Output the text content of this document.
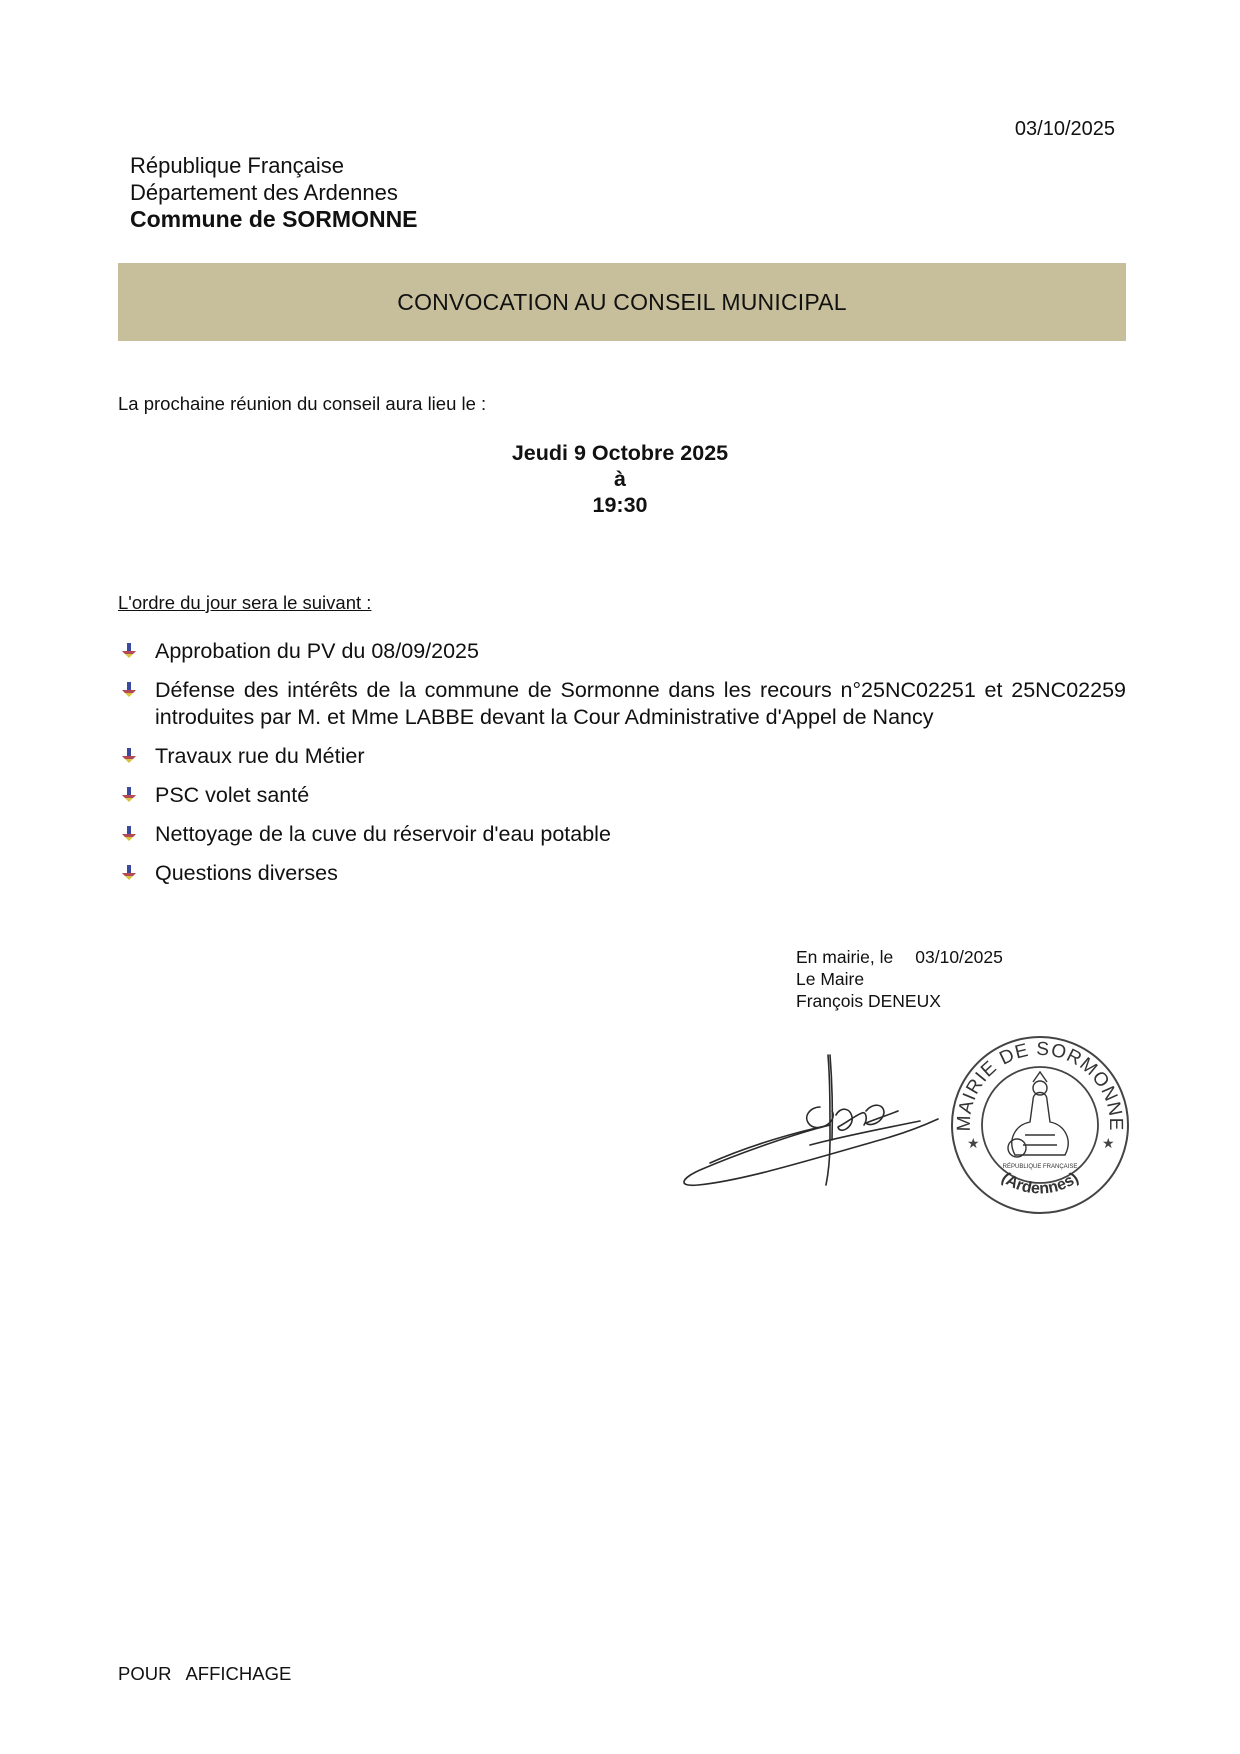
03/10/2025
République Française
Département des Ardennes
Commune de SORMONNE
CONVOCATION AU CONSEIL MUNICIPAL
La prochaine réunion du conseil aura lieu le :
Jeudi 9 Octobre 2025
à
19:30
L'ordre du jour sera le suivant :
Approbation du PV du 08/09/2025
Défense des intérêts de la commune de Sormonne dans les recours n°25NC02251 et 25NC02259 introduites par M. et Mme LABBE devant la Cour Administrative d'Appel de Nancy
Travaux rue du Métier
PSC volet santé
Nettoyage de la cuve du réservoir d'eau potable
Questions diverses
En mairie, le 03/10/2025
Le Maire
François DENEUX
MAIRIE DE SORMONNE
★	★
RÉPUBLIQUE FRANÇAISE
(Ardennes)
POUR AFFICHAGE
